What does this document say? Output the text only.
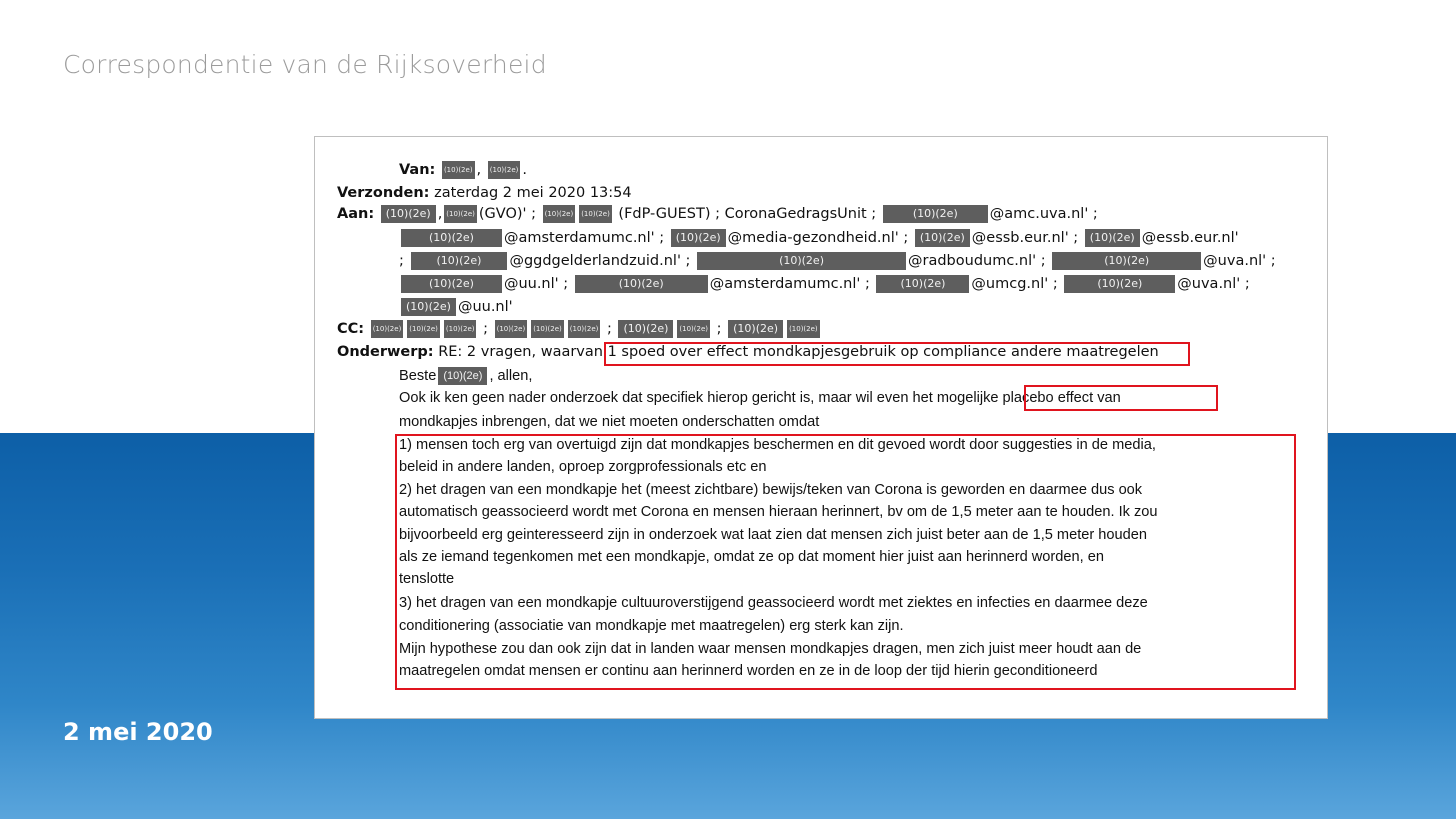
Correspondentie van de Rijksoverheid
2 mei 2020
Van: (10)(2e) , (10)(2e) .
Verzonden: zaterdag 2 mei 2020 13:54
Aan: (10)(2e) , (10)(2e) (GVO)' ; (10)(2e) (10)(2e) (FdP-GUEST) ; CoronaGedragsUnit ;	(10)(2e) @amc.uva.nl' ;
(10)(2e) @amsterdamumc.nl' ; (10)(2e) @media-gezondheid.nl' ; (10)(2e) @essb.eur.nl' ; (10)(2e) @essb.eur.nl'
;	(10)(2e) @ggdgelderlandzuid.nl' ;	(10)(2e)	@radboudumc.nl' ;	(10)(2e)	@uva.nl' ;
(10)(2e) @uu.nl' ;	(10)(2e)	@amsterdamumc.nl' ;	(10)(2e) @umcg.nl' ;	(10)(2e) @uva.nl' ;
(10)(2e) @uu.nl'
CC: (10)(2e) (10)(2e) (10)(2e) ; (10)(2e) (10)(2e) (10)(2e) ; (10)(2e) (10)(2e) ; (10)(2e) (10)(2e)
Onderwerp: RE: 2 vragen, waarvan 1 spoed over effect mondkapjesgebruik op compliance andere maatregelen
Beste (10)(2e) , allen,
Ook ik ken geen nader onderzoek dat specifiek hierop gericht is, maar wil even het mogelijke placebo effect van
mondkapjes inbrengen, dat we niet moeten onderschatten omdat
1) mensen toch erg van overtuigd zijn dat mondkapjes beschermen en dit gevoed wordt door suggesties in de media,
beleid in andere landen, oproep zorgprofessionals etc en
2) het dragen van een mondkapje het (meest zichtbare) bewijs/teken van Corona is geworden en daarmee dus ook
automatisch geassocieerd wordt met Corona en mensen hieraan herinnert, bv om de 1,5 meter aan te houden. Ik zou
bijvoorbeeld erg geinteresseerd zijn in onderzoek wat laat zien dat mensen zich juist beter aan de 1,5 meter houden
als ze iemand tegenkomen met een mondkapje, omdat ze op dat moment hier juist aan herinnerd worden, en
tenslotte
3) het dragen van een mondkapje cultuuroverstijgend geassocieerd wordt met ziektes en infecties en daarmee deze
conditionering (associatie van mondkapje met maatregelen) erg sterk kan zijn.
Mijn hypothese zou dan ook zijn dat in landen waar mensen mondkapjes dragen, men zich juist meer houdt aan de
maatregelen omdat mensen er continu aan herinnerd worden en ze in de loop der tijd hierin geconditioneerd
